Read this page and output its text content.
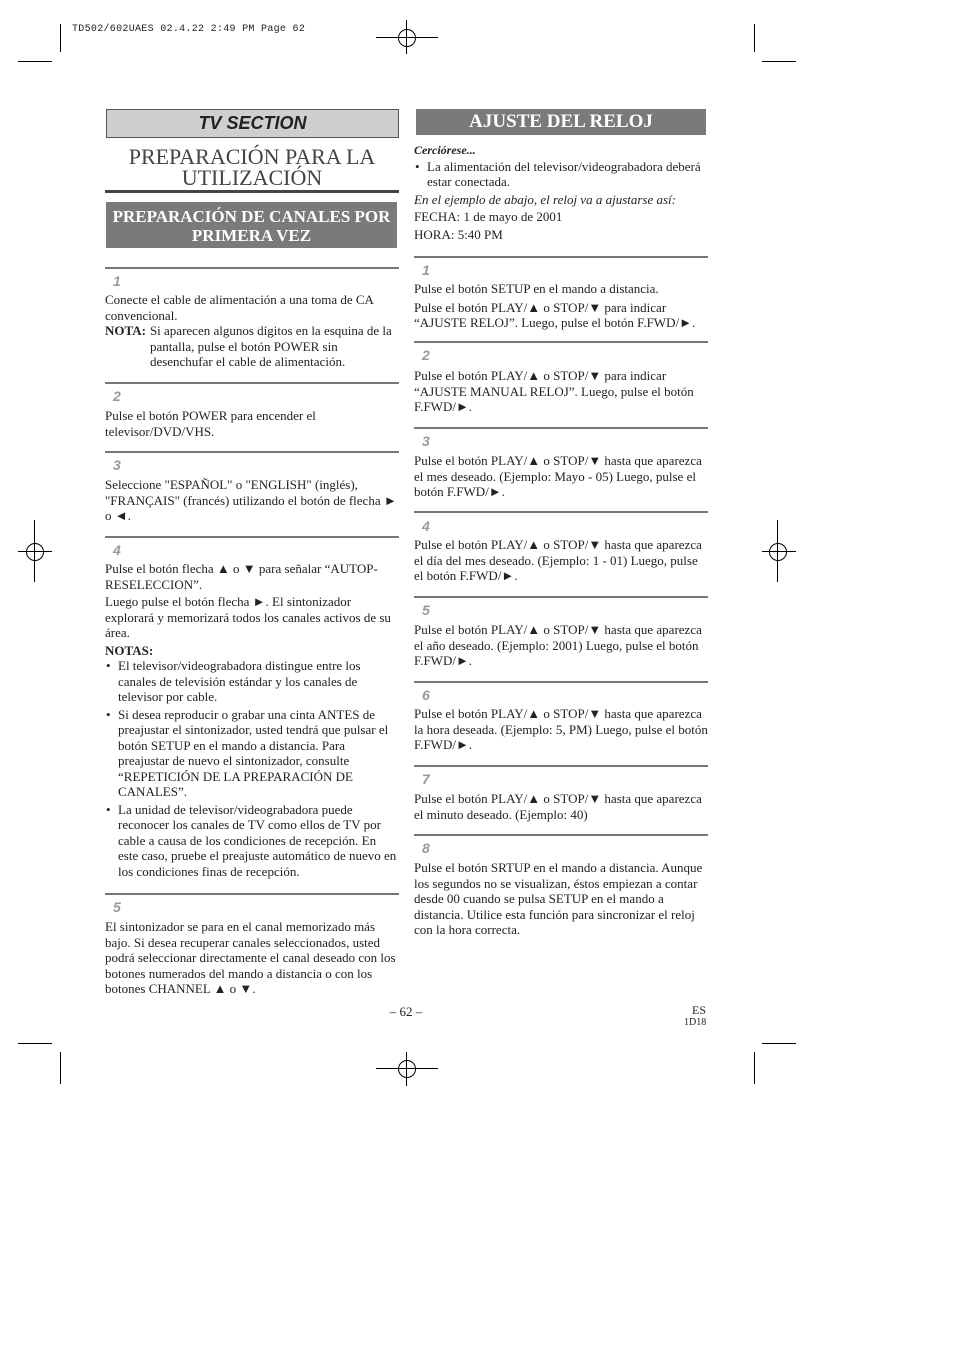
TD502/602UAES 02.4.22 2:49 PM Page 62
TV SECTION
PREPARACIÓN PARA LA UTILIZACIÓN
PREPARACIÓN DE CANALES POR PRIMERA VEZ
1

Conecte el cable de alimentación a una toma de CA convencional.

NOTA: Si aparecen algunos dígitos en la esquina de la pantalla, pulse el botón POWER sin desenchufar el cable de alimentación.
2

Pulse el botón POWER para encender el televisor/DVD/VHS.

3

Seleccione "ESPAÑOL" o "ENGLISH" (inglés), "FRANÇAIS" (francés) utilizando el botón de flecha ► o ◄.

4

Pulse el botón flecha ▲ o ▼ para señalar “AUTOP-RESELECCION”.

Luego pulse el botón flecha ►. El sintonizador explorará y memorizará todos los canales activos de su área.

NOTAS:

• El televisor/videograbadora distingue entre los canales de televisión estándar y los canales de televisor por cable.
• Si desea reproducir o grabar una cinta ANTES de preajustar el sintonizador, usted tendrá que pulsar el botón SETUP en el mando a distancia. Para preajustar de nuevo el sintonizador, consulte “REPETICIÓN DE LA PREPARACIÓN DE CANALES”.
• La unidad de televisor/videograbadora puede reconocer los canales de TV como ellos de TV por cable a causa de los condiciones de recepción. En este caso, pruebe el preajuste automático de nuevo en los condiciones finas de recepción.
5

El sintonizador se para en el canal memorizado más bajo. Si desea recuperar canales seleccionados, usted podrá seleccionar directamente el canal deseado con los botones numerados del mando a distancia o con los botones CHANNEL ▲ o ▼.

AJUSTE DEL RELOJ

Cerciórese...

• La alimentación del televisor/videograbadora deberá estar conectada.

En el ejemplo de abajo, el reloj va a ajustarse así:

FECHA: 1 de mayo de 2001

HORA: 5:40 PM

1

Pulse el botón SETUP en el mando a distancia.

Pulse el botón PLAY/▲ o STOP/▼ para indicar “AJUSTE RELOJ”. Luego, pulse el botón F.FWD/►.

2

Pulse el botón PLAY/▲ o STOP/▼ para indicar “AJUSTE MANUAL RELOJ”. Luego, pulse el botón F.FWD/►.

3

Pulse el botón PLAY/▲ o STOP/▼ hasta que aparezca el mes deseado. (Ejemplo: Mayo - 05) Luego, pulse el botón F.FWD/►.

4

Pulse el botón PLAY/▲ o STOP/▼ hasta que aparezca el día del mes deseado. (Ejemplo: 1 - 01) Luego, pulse el botón F.FWD/►.

5

Pulse el botón PLAY/▲ o STOP/▼ hasta que aparezca el año deseado. (Ejemplo: 2001) Luego, pulse el botón F.FWD/►.

6

Pulse el botón PLAY/▲ o STOP/▼ hasta que aparezca la hora deseada. (Ejemplo: 5, PM) Luego, pulse el botón F.FWD/►.

7

Pulse el botón PLAY/▲ o STOP/▼ hasta que aparezca el minuto deseado. (Ejemplo: 40)

8

Pulse el botón SRTUP en el mando a distancia. Aunque los segundos no se visualizan, éstos empiezan a contar desde 00 cuando se pulsa SETUP en el mando a distancia. Utilice esta función para sincronizar el reloj con la hora correcta.

– 62 –	ES
1D18
